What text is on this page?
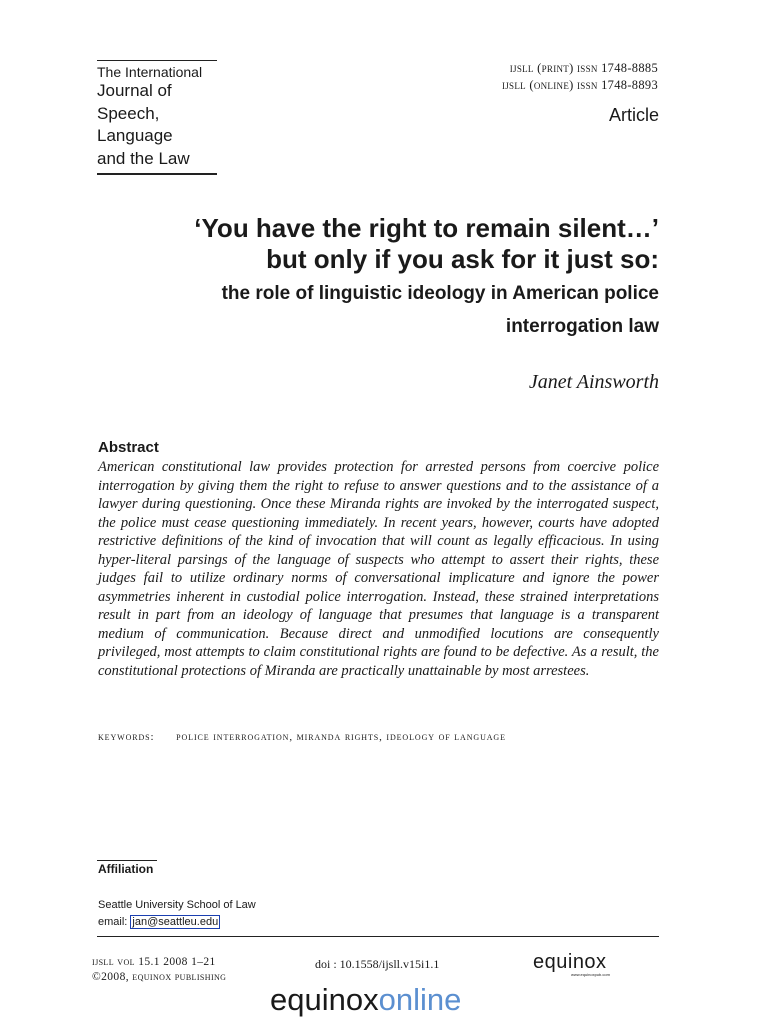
The International
Journal of
Speech,
Language
and the Law
ijsll (print) issn 1748-8885
ijsll (online) issn 1748-8893
Article
‘You have the right to remain silent…’
but only if you ask for it just so:
the role of linguistic ideology in American police
interrogation law
Janet Ainsworth
Abstract
American constitutional law provides protection for arrested persons from coercive police interrogation by giving them the right to refuse to answer questions and to the assistance of a lawyer during questioning. Once these Miranda rights are invoked by the interrogated suspect, the police must cease questioning immediately. In recent years, however, courts have adopted restrictive definitions of the kind of invocation that will count as legally efficacious. In using hyper-literal parsings of the language of suspects who attempt to assert their rights, these judges fail to utilize ordinary norms of conversational implicature and ignore the power asymmetries inherent in custodial police interrogation. Instead, these strained interpretations result in part from an ideology of language that presumes that language is a transparent medium of communication. Because direct and unmodified locutions are consequently privileged, most attempts to claim constitutional rights are found to be defective. As a result, the constitutional protections of Miranda are practically unattainable by most arrestees.
keywords: police interrogation, miranda rights, ideology of language
Affiliation
Seattle University School of Law
email: jan@seattleu.edu
ijsll vol 15.1 2008 1–21
©2008, equinox publishing
doi : 10.1558/ijsll.v15i1.1	equinox
www.equinoxpub.com
equinoxonline
